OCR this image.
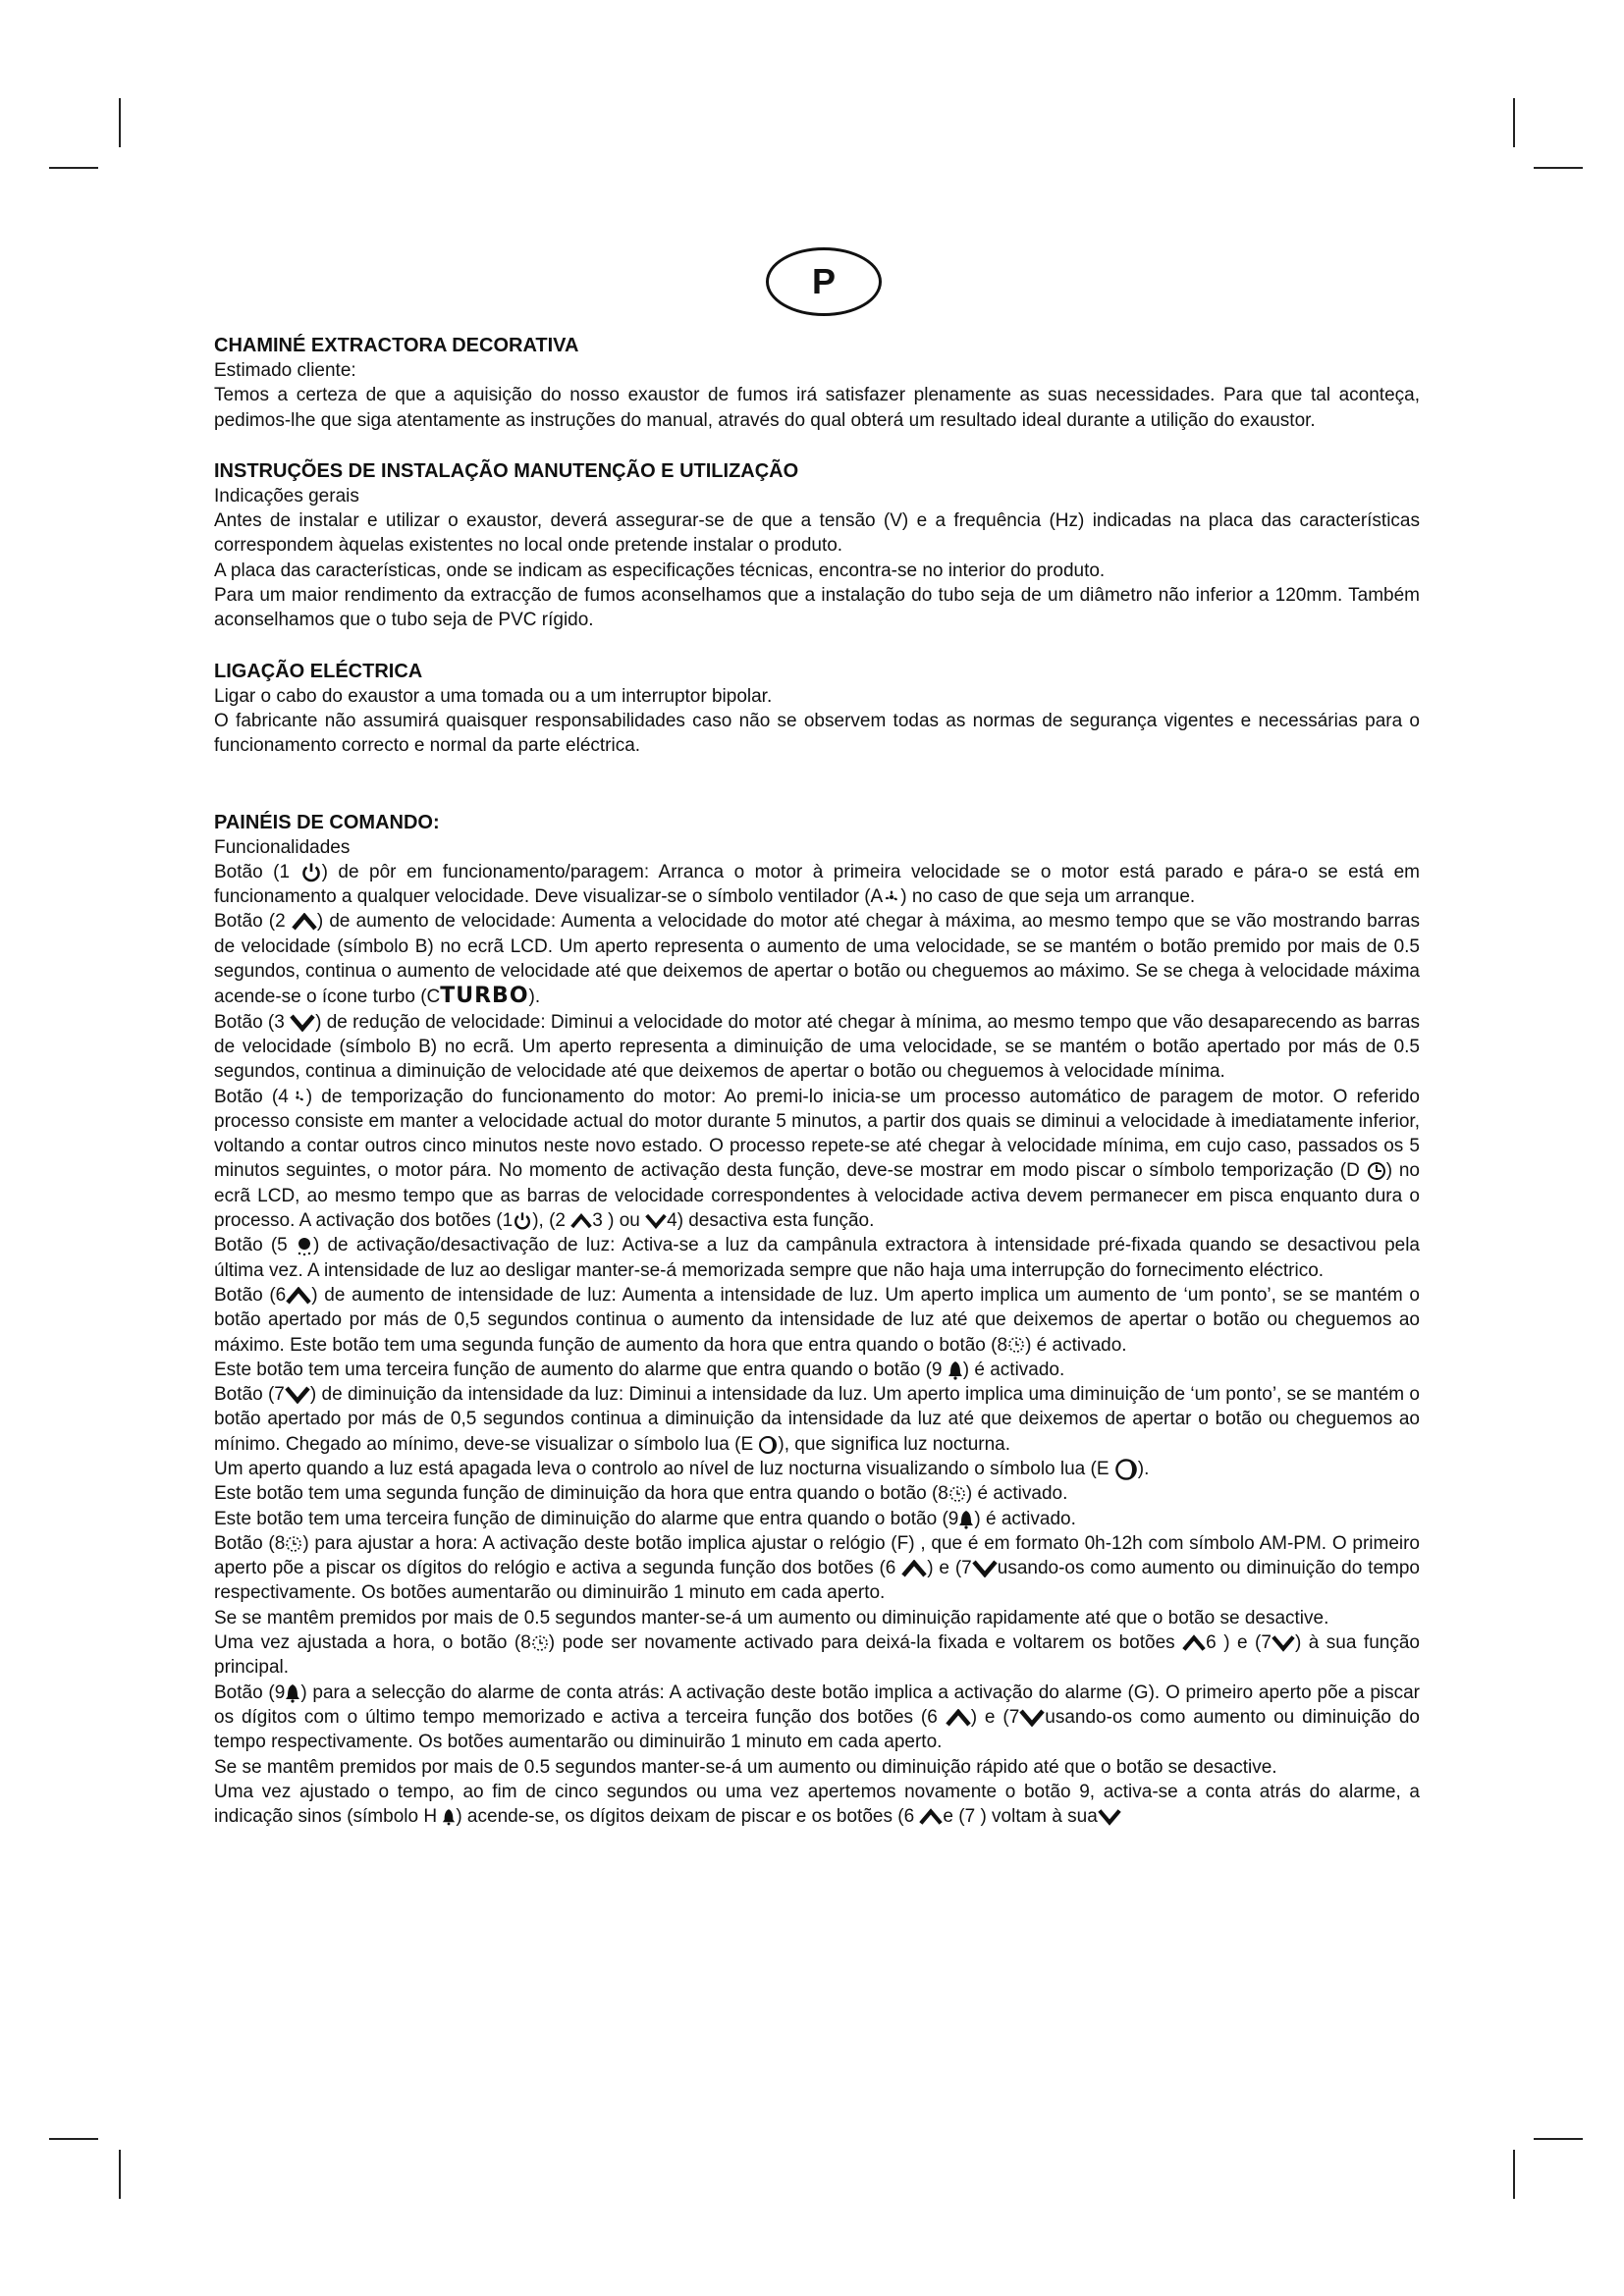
P
CHAMINÉ EXTRACTORA DECORATIVA

Estimado cliente:

Temos a certeza de que a aquisição do nosso exaustor de fumos irá satisfazer plenamente as suas necessidades. Para que tal aconteça, pedimos-lhe que siga atentamente as instruções do manual, através do qual obterá um resultado ideal durante a utilição do exaustor.

INSTRUÇÕES DE INSTALAÇÃO MANUTENÇÃO E UTILIZAÇÃO

Indicações gerais

Antes de instalar e utilizar o exaustor, deverá assegurar-se de que a tensão (V) e a frequência (Hz) indicadas na placa das características correspondem àquelas existentes no local onde pretende instalar o produto.

A placa das características, onde se indicam as especificações técnicas, encontra-se no interior do produto.

Para um maior rendimento da extracção de fumos aconselhamos que a instalação do tubo seja de um diâmetro não inferior a 120mm. Também aconselhamos que o tubo seja de PVC rígido.

LIGAÇÃO ELÉCTRICA

Ligar o cabo do exaustor a uma tomada ou a um interruptor bipolar.

O fabricante não assumirá quaisquer responsabilidades caso não se observem todas as normas de segurança vigentes e necessárias para o funcionamento correcto e normal da parte eléctrica.

PAINÉIS DE COMANDO:

Funcionalidades

Botão (1
) de pôr em funcionamento/paragem: Arranca o motor à primeira velocidade se o motor está parado e pára-o se está em funcionamento a qualquer velocidade. Deve visualizar-se o símbolo ventilador (A ) no caso de que seja um arranque.

Botão (2
) de aumento de velocidade: Aumenta a velocidade do motor até chegar à máxima, ao mesmo tempo que se vão mostrando barras de velocidade (símbolo B) no ecrã LCD. Um aperto representa o aumento de uma velocidade, se se mantém o botão premido por mais de 0.5 segundos, continua o aumento de velocidade até que deixemos de apertar o botão ou cheguemos ao máximo. Se se chega à velocidade máxima acende-se o ícone turbo (CTURBO).

Botão (3
) de redução de velocidade: Diminui a velocidade do motor até chegar à mínima, ao mesmo tempo que vão desaparecendo as barras de velocidade (símbolo B) no ecrã. Um aperto representa a diminuição de uma velocidade, se se mantém o botão apertado por más de 0.5 segundos, continua a diminuição de velocidade até que deixemos de apertar o botão ou cheguemos à velocidade mínima.

Botão (4 ) de temporização do funcionamento do motor: Ao premi-lo inicia-se um processo automático de paragem de motor. O referido processo consiste em manter a velocidade actual do motor durante 5 minutos, a partir dos quais se diminui a velocidade à imediatamente inferior, voltando a contar outros cinco minutos neste novo estado. O processo repete-se até chegar à velocidade mínima, em cujo caso, passados os 5 minutos seguintes, o motor pára. No momento de activação desta função, deve-se mostrar em modo piscar o símbolo temporização (D
) no ecrã LCD, ao mesmo tempo que as barras de velocidade correspondentes à velocidade activa devem permanecer em pisca enquanto dura o processo. A activação dos botões (1 ), (2
3 ) ou
4) desactiva esta função.

Botão (5
) de activação/desactivação de luz: Activa-se a luz da campânula extractora à intensidade pré-fixada quando se desactivou pela última vez. A intensidade de luz ao desligar manter-se-á memorizada sempre que não haja uma interrupção do fornecimento eléctrico.

Botão (6 ) de aumento de intensidade de luz: Aumenta a intensidade de luz. Um aperto implica um aumento de ‘um ponto’, se se mantém o botão apertado por más de 0,5 segundos continua o aumento da intensidade de luz até que deixemos de apertar o botão ou cheguemos ao máximo. Este botão tem uma segunda função de aumento da hora que entra quando o botão (8 ) é activado.

Este botão tem uma terceira função de aumento do alarme que entra quando o botão (9
) é activado.

Botão (7 ) de diminuição da intensidade da luz: Diminui a intensidade da luz. Um aperto implica uma diminuição de ‘um ponto’, se se mantém o botão apertado por más de 0,5 segundos continua a diminuição da intensidade da luz até que deixemos de apertar o botão ou cheguemos ao mínimo. Chegado ao mínimo, deve-se visualizar o símbolo lua (E
), que significa luz nocturna.

Um aperto quando a luz está apagada leva o controlo ao nível de luz nocturna visualizando o símbolo lua (E
).

Este botão tem uma segunda função de diminuição da hora que entra quando o botão (8 ) é activado.

Este botão tem uma terceira função de diminuição do alarme que entra quando o botão (9 ) é activado.

Botão (8 ) para ajustar a hora: A activação deste botão implica ajustar o relógio (F) , que é em formato 0h-12h com símbolo AM-PM. O primeiro aperto põe a piscar os dígitos do relógio e activa a segunda função dos botões (6
) e (7 usando-os como aumento ou diminuição do tempo respectivamente. Os botões aumentarão ou diminuirão 1 minuto em cada aperto.

Se se mantêm premidos por mais de 0.5 segundos manter-se-á um aumento ou diminuição rapidamente até que o botão se desactive.

Uma vez ajustada a hora, o botão (8 ) pode ser novamente activado para deixá-la fixada e voltarem os botões
6 ) e (7 ) à sua função principal.

Botão (9 ) para a selecção do alarme de conta atrás: A activação deste botão implica a activação do alarme (G). O primeiro aperto põe a piscar os dígitos com o último tempo memorizado e activa a terceira função dos botões (6
) e (7 usando-os como aumento ou diminuição do tempo respectivamente. Os botões aumentarão ou diminuirão 1 minuto em cada aperto.

Se se mantêm premidos por mais de 0.5 segundos manter-se-á um aumento ou diminuição rápido até que o botão se desactive.

Uma vez ajustado o tempo, ao fim de cinco segundos ou uma vez apertemos novamente o botão 9, activa-se a conta atrás do alarme, a indicação sinos (símbolo H
) acende-se, os dígitos deixam de piscar e os botões (6
e (7 ) voltam à sua
